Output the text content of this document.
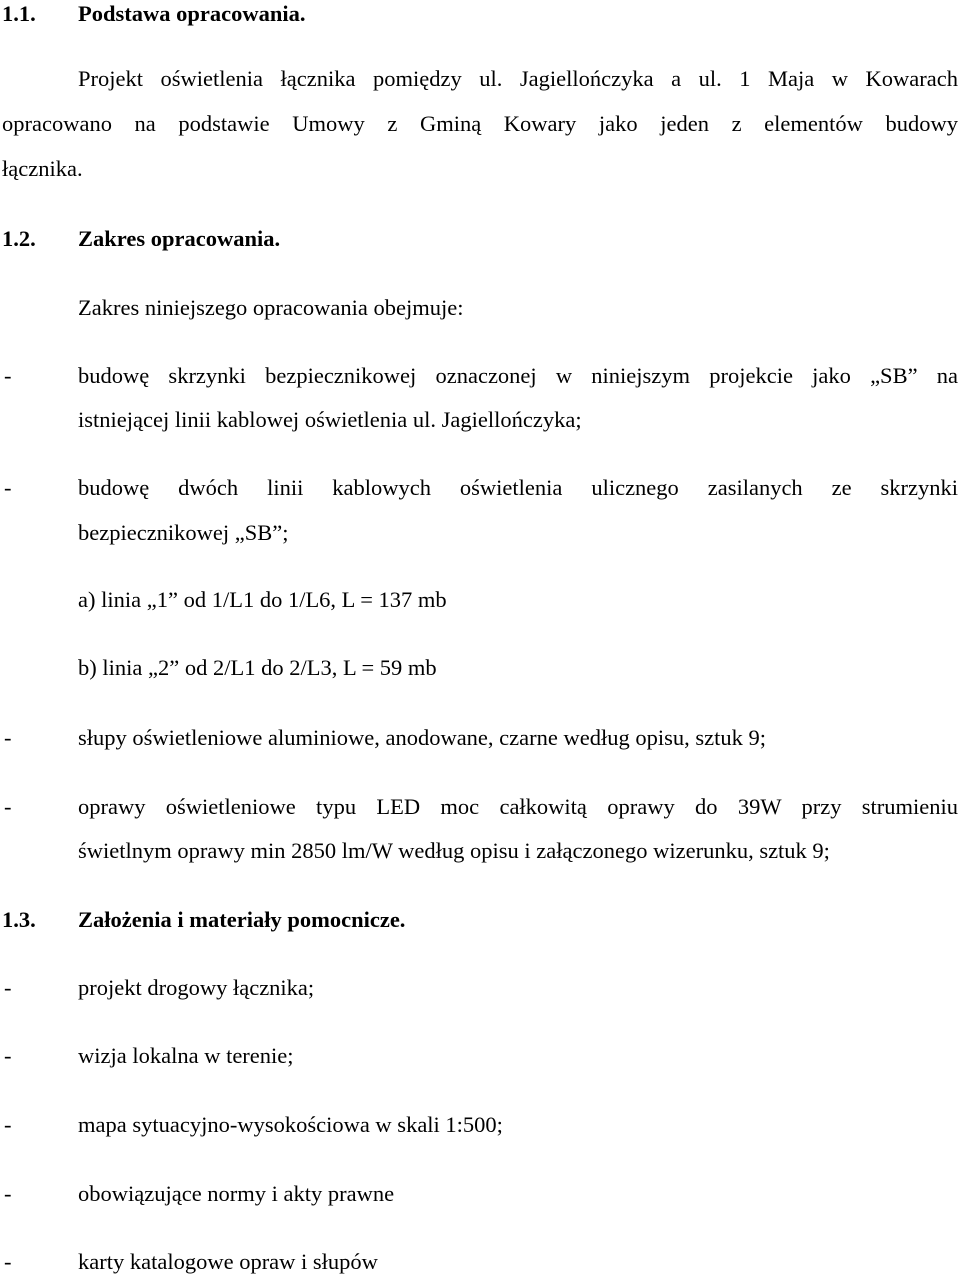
1.1. Podstawa opracowania.
Projekt oświetlenia łącznika pomiędzy ul. Jagiellończyka a ul. 1 Maja w Kowarach
opracowano na podstawie Umowy z Gminą Kowary jako jeden z elementów budowy
łącznika.
1.2. Zakres opracowania.
Zakres niniejszego opracowania obejmuje:
-	budowę skrzynki bezpiecznikowej oznaczonej w niniejszym projekcie jako „SB” na
istniejącej linii kablowej oświetlenia ul. Jagiellończyka;
-	budowę dwóch linii kablowych oświetlenia ulicznego zasilanych ze skrzynki
bezpiecznikowej „SB”;
a) linia „1” od 1/L1 do 1/L6, L = 137 mb
b) linia „2” od 2/L1 do 2/L3, L = 59 mb
-	słupy oświetleniowe aluminiowe, anodowane, czarne według opisu, sztuk 9;
-	oprawy oświetleniowe typu LED moc całkowitą oprawy do 39W przy strumieniu
świetlnym oprawy min 2850 lm/W według opisu i załączonego wizerunku, sztuk 9;
1.3. Założenia i materiały pomocnicze.
-	projekt drogowy łącznika;
-	wizja lokalna w terenie;
-	mapa sytuacyjno-wysokościowa w skali 1:500;
-	obowiązujące normy i akty prawne
-	karty katalogowe opraw i słupów
